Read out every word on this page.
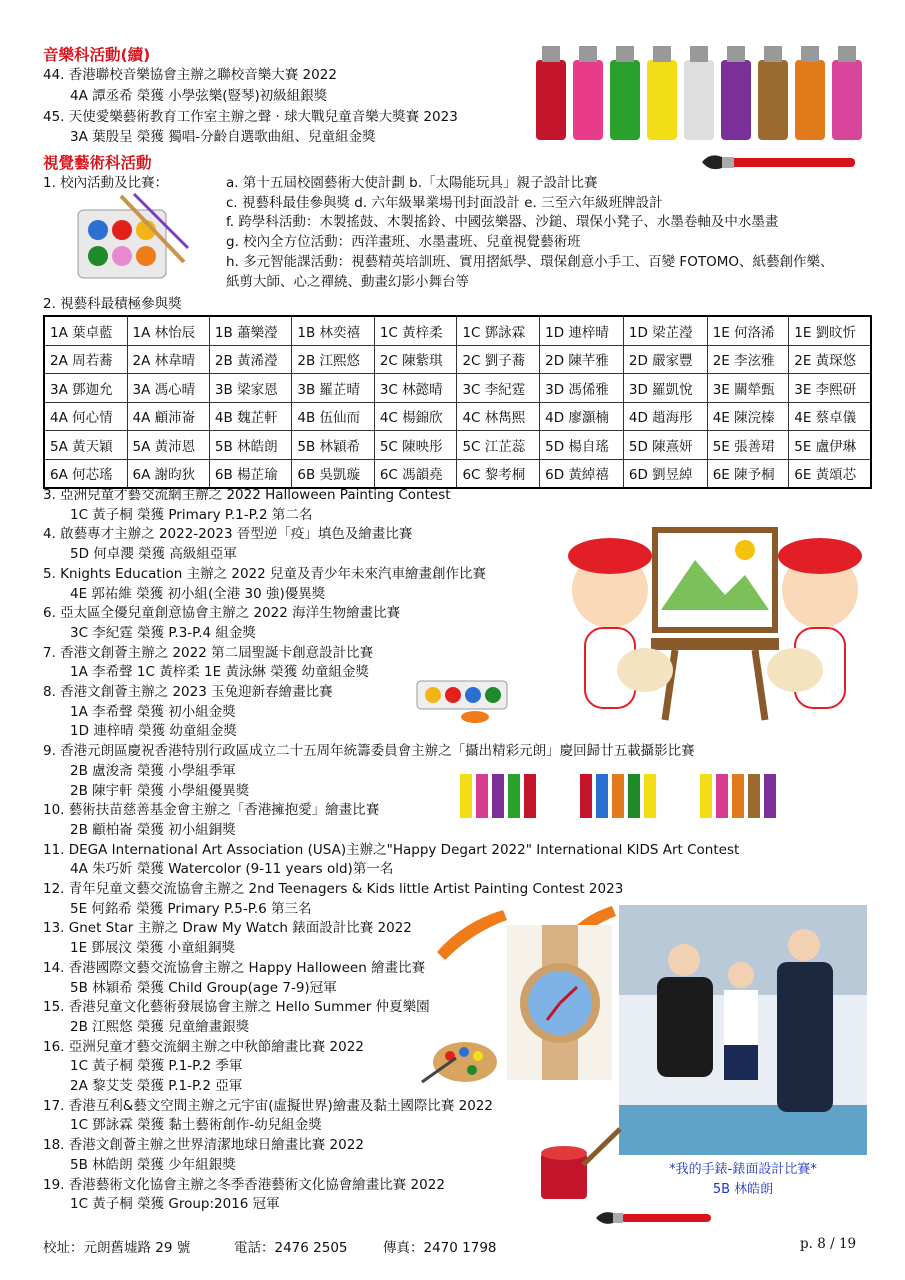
音樂科活動(續)
44. 香港聯校音樂協會主辦之聯校音樂大賽 2022
4A 譚丞希 榮獲 小學弦樂(豎琴)初級組銀獎
45. 天使愛樂藝術教育工作室主辦之聲 ‧ 球大戰兒童音樂大獎賽 2023
3A 葉殷呈 榮獲 獨唱-分齡自選歌曲組、兒童組金獎
視覺藝術科活動
1. 校內活動及比賽：	a. 第十五屆校園藝術大使計劃 b.「太陽能玩具」親子設計比賽
c. 視藝科最佳參與獎 d. 六年級畢業場刊封面設計 e. 三至六年級班牌設計
f. 跨學科活動：木製搖鼓、木製搖鈴、中國弦樂器、沙鎚、環保小凳子、水墨卷軸及中水墨畫
g. 校內全方位活動：西洋畫班、水墨畫班、兒童視覺藝術班
h. 多元智能課活動：視藝精英培訓班、實用摺紙學、環保創意小手工、百變 FOTOMO、紙藝創作樂、
紙剪大師、心之禪繞、動畫幻影小舞台等
2. 視藝科最積極參與獎
1A 葉卓藍	1A 林怡辰	1B 蕭樂瀅	1B 林奕禧	1C 黃梓柔	1C 鄧詠霖	1D 連梓晴	1D 梁芷瀅	1E 何洛浠	1E 劉旼忻
2A 周若蕎	2A 林韋晴	2B 黃浠瀅	2B 江熙悠	2C 陳紫琪	2C 劉子蕎	2D 陳芊雅	2D 嚴家豐	2E 李泫雅	2E 黃琛悠
3A 鄧迦允	3A 馮心晴	3B 梁家恩	3B 羅芷晴	3C 林懿晴	3C 李紀霆	3D 馮俙雅	3D 羅凱悅	3E 關犖甄	3E 李熙研
4A 何心情	4A 顧沛崙	4B 魏芷軒	4B 伍仙而	4C 楊錦欣	4C 林雋熙	4D 廖灝楠	4D 趙海彤	4E 陳浣榛	4E 蔡卓儀
5A 黃天穎	5A 黃沛恩	5B 林皓朗	5B 林穎希	5C 陳映彤	5C 江芷蕊	5D 楊自瑤	5D 陳熹妍	5E 張善珺	5E 盧伊琳
6A 何芯瑤	6A 謝昀狄	6B 楊芷瑜	6B 吳凱璇	6C 馮韻堯	6C 黎考桐	6D 黃綽禧	6D 劉昱綽	6E 陳予桐	6E 黃頌芯
3. 亞洲兒童才藝交流網主辦之 2022 Halloween Painting Contest
1C 黃子桐 榮獲 Primary P.1-P.2 第二名
4. 啟藝專才主辦之 2022-2023 晉型逆「疫」填色及繪畫比賽
5D 何卓瀴 榮獲 高級組亞軍
5. Knights Education 主辦之 2022 兒童及青少年未來汽車繪畫創作比賽
4E 郭祐維 榮獲 初小組(全港 30 強)優異獎
6. 亞太區全優兒童創意協會主辦之 2022 海洋生物繪畫比賽
3C 李紀霆 榮獲 P.3-P.4 組金獎
7. 香港文創薈主辦之 2022 第二屆聖誕卡創意設計比賽
1A 李希聲 1C 黃梓柔 1E 黃泳綝 榮獲 幼童組金獎
8. 香港文創薈主辦之 2023 玉兔迎新春繪畫比賽
1A 李希聲 榮獲 初小組金獎
1D 連梓晴 榮獲 幼童組金獎
9. 香港元朗區慶祝香港特別行政區成立二十五周年統籌委員會主辦之「攝出精彩元朗」慶回歸廿五載攝影比賽
2B 盧浚斋 榮獲 小學組季軍
2B 陳宇軒 榮獲 小學組優異獎
10. 藝術扶苗慈善基金會主辦之「香港擁抱愛」繪畫比賽
2B 顧柏崙 榮獲 初小組銅獎
11. DEGA International Art Association (USA)主辦之"Happy Degart 2022" International KIDS Art Contest
4A 朱巧妡 榮獲 Watercolor (9-11 years old)第一名
12. 青年兒童文藝交流協會主辦之 2nd Teenagers & Kids little Artist Painting Contest 2023
5E 何銘希 榮獲 Primary P.5-P.6 第三名
13. Gnet Star 主辦之 Draw My Watch 錶面設計比賽 2022
1E 鄧展汶 榮獲 小童組銅獎
14. 香港國際文藝交流協會主辦之 Happy Halloween 繪畫比賽
5B 林穎希 榮獲 Child Group(age 7-9)冠軍
15. 香港兒童文化藝術發展協會主辦之 Hello Summer 仲夏樂園
2B 江熙悠 榮獲 兒童繪畫銀獎
16. 亞洲兒童才藝交流網主辦之中秋節繪畫比賽 2022
1C 黃子桐 榮獲 P.1-P.2 季軍
2A 黎艾芠 榮獲 P.1-P.2 亞軍
17. 香港互利&藝文空間主辦之元宇宙(虛擬世界)繪畫及黏土國際比賽 2022
1C 鄧詠霖 榮獲 黏土藝術創作-幼兒組金獎
18. 香港文創薈主辦之世界清潔地球日繪畫比賽 2022
5B 林皓朗 榮獲 少年組銀獎
19. 香港藝術文化協會主辦之冬季香港藝術文化協會繪畫比賽 2022
1C 黃子桐 榮獲 Group:2016 冠軍
*我的手錶-錶面設計比賽*
5B 林皓朗
校址：元朗舊墟路 29 號	電話：2476 2505	傳真：2470 1798	p. 8 / 19
